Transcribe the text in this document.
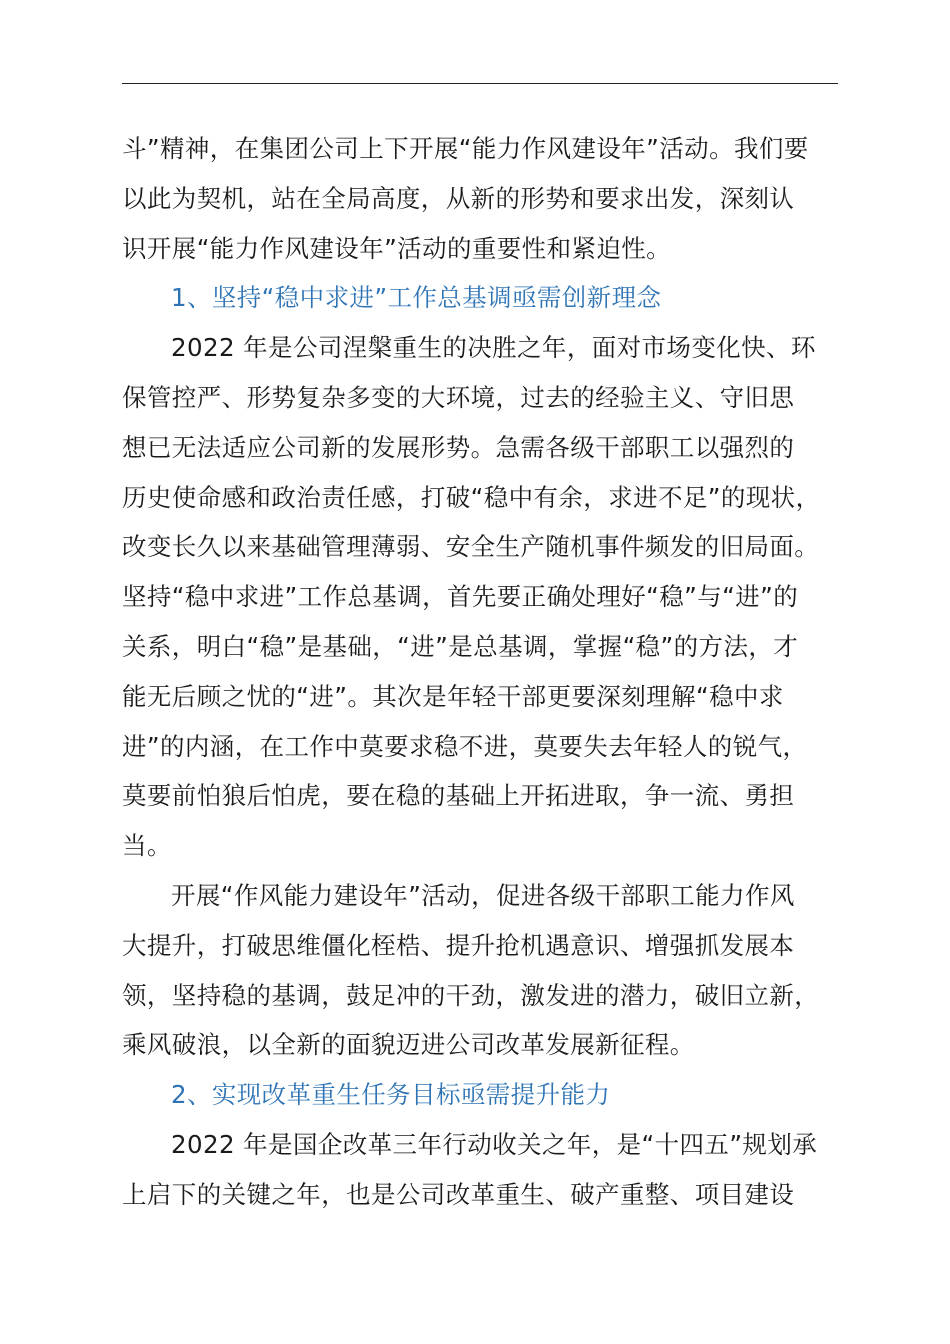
斗”精神，在集团公司上下开展“能力作风建设年”活动。我们要
以此为契机，站在全局高度，从新的形势和要求出发，深刻认
识开展“能力作风建设年”活动的重要性和紧迫性。
1、坚持“稳中求进”工作总基调亟需创新理念
2022 年是公司涅槃重生的决胜之年，面对市场变化快、环
保管控严、形势复杂多变的大环境，过去的经验主义、守旧思
想已无法适应公司新的发展形势。急需各级干部职工以强烈的
历史使命感和政治责任感，打破“稳中有余，求进不足”的现状，
改变长久以来基础管理薄弱、安全生产随机事件频发的旧局面。
坚持“稳中求进”工作总基调，首先要正确处理好“稳”与“进”的
关系，明白“稳”是基础，“进”是总基调，掌握“稳”的方法，才
能无后顾之忧的“进”。其次是年轻干部更要深刻理解“稳中求
进”的内涵，在工作中莫要求稳不进，莫要失去年轻人的锐气，
莫要前怕狼后怕虎，要在稳的基础上开拓进取，争一流、勇担
当。
开展“作风能力建设年”活动，促进各级干部职工能力作风
大提升，打破思维僵化桎梏、提升抢机遇意识、增强抓发展本
领，坚持稳的基调，鼓足冲的干劲，激发进的潜力，破旧立新，
乘风破浪，以全新的面貌迈进公司改革发展新征程。
2、实现改革重生任务目标亟需提升能力
2022 年是国企改革三年行动收关之年，是“十四五”规划承
上启下的关键之年，也是公司改革重生、破产重整、项目建设
